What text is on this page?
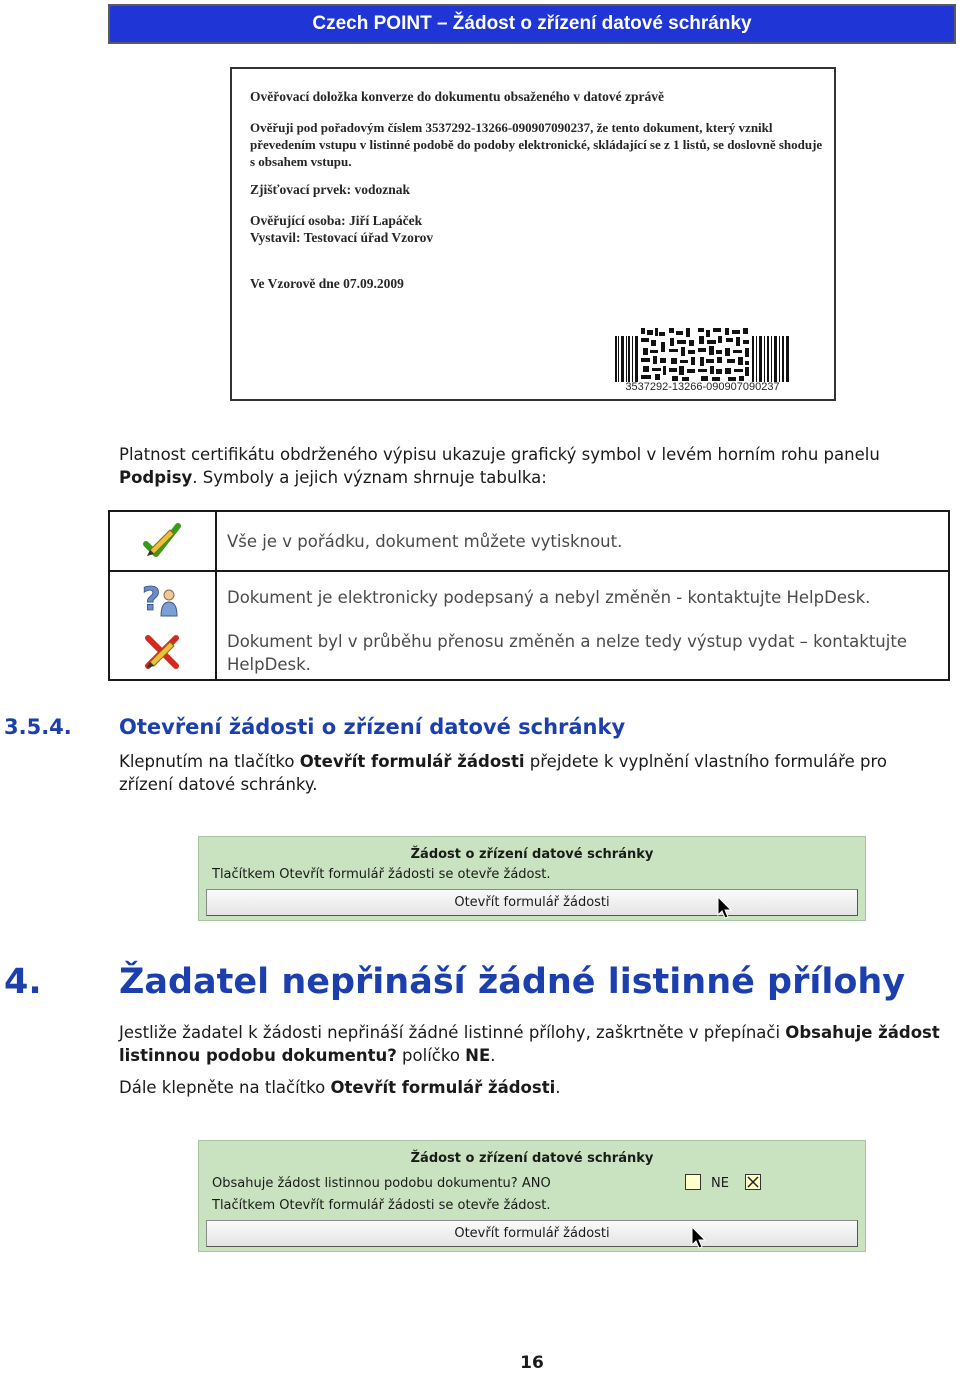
Czech POINT – Žádost o zřízení datové schránky
Ověřovací doložka konverze do dokumentu obsaženého v datové zprávě
Ověřuji pod pořadovým číslem 3537292-13266-090907090237, že tento dokument, který vznikl převedením vstupu v listinné podobě do podoby elektronické, skládající se z 1 listů, se doslovně shoduje s obsahem vstupu.
Zjišťovací prvek: vodoznak
Ověřující osoba: Jiří Lapáček
Vystavil: Testovací úřad Vzorov
Ve Vzorově dne 07.09.2009
3537292-13266-090907090237

Platnost certifikátu obdrženého výpisu ukazuje grafický symbol v levém horním rohu panelu Podpisy. Symboly a jejich význam shrnuje tabulka:

Vše je v pořádku, dokument můžete vytisknout.
?	Dokument je elektronicky podepsaný a nebyl změněn - kontaktujte HelpDesk.
Dokument byl v průběhu přenosu změněn a nelze tedy výstup vydat – kontaktujte HelpDesk.
3.5.4. Otevření žádosti o zřízení datové schránky

Klepnutím na tlačítko Otevřít formulář žádosti přejdete k vyplnění vlastního formuláře pro zřízení datové schránky.

Žádost o zřízení datové schránky
Tlačítkem Otevřít formulář žádosti se otevře žádost.
Otevřít formulář žádosti
4. Žadatel nepřináší žádné listinné přílohy

Jestliže žadatel k žádosti nepřináší žádné listinné přílohy, zaškrtněte v přepínači Obsahuje žádost listinnou podobu dokumentu? políčko NE.

Dále klepněte na tlačítko Otevřít formulář žádosti.

Žádost o zřízení datové schránky
Obsahuje žádost listinnou podobu dokumentu? ANO	NE
Tlačítkem Otevřít formulář žádosti se otevře žádost.
Otevřít formulář žádosti
16
